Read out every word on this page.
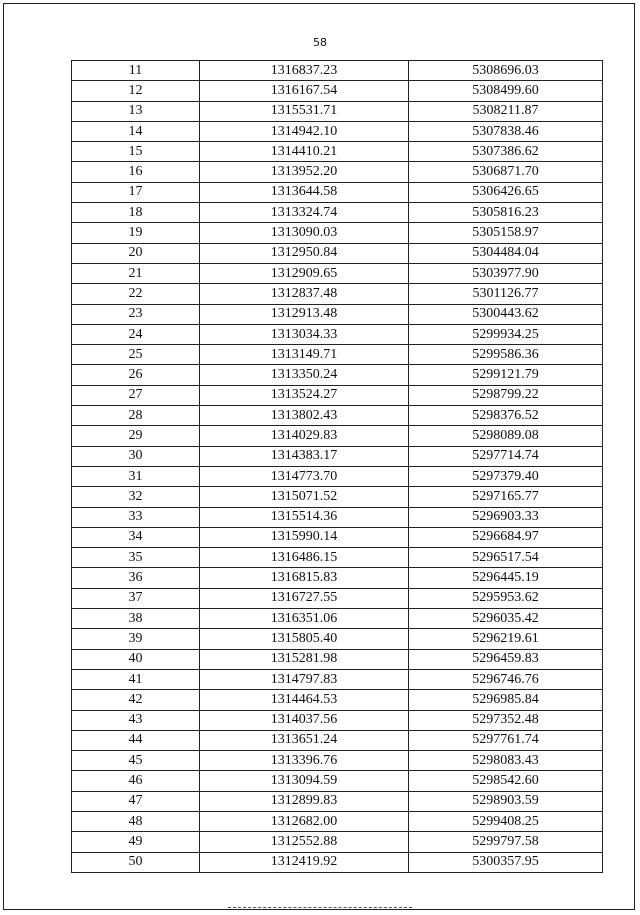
58
11	1316837.23	5308696.03
12	1316167.54	5308499.60
13	1315531.71	5308211.87
14	1314942.10	5307838.46
15	1314410.21	5307386.62
16	1313952.20	5306871.70
17	1313644.58	5306426.65
18	1313324.74	5305816.23
19	1313090.03	5305158.97
20	1312950.84	5304484.04
21	1312909.65	5303977.90
22	1312837.48	5301126.77
23	1312913.48	5300443.62
24	1313034.33	5299934.25
25	1313149.71	5299586.36
26	1313350.24	5299121.79
27	1313524.27	5298799.22
28	1313802.43	5298376.52
29	1314029.83	5298089.08
30	1314383.17	5297714.74
31	1314773.70	5297379.40
32	1315071.52	5297165.77
33	1315514.36	5296903.33
34	1315990.14	5296684.97
35	1316486.15	5296517.54
36	1316815.83	5296445.19
37	1316727.55	5295953.62
38	1316351.06	5296035.42
39	1315805.40	5296219.61
40	1315281.98	5296459.83
41	1314797.83	5296746.76
42	1314464.53	5296985.84
43	1314037.56	5297352.48
44	1313651.24	5297761.74
45	1313396.76	5298083.43
46	1313094.59	5298542.60
47	1312899.83	5298903.59
48	1312682.00	5299408.25
49	1312552.88	5299797.58
50	1312419.92	5300357.95
